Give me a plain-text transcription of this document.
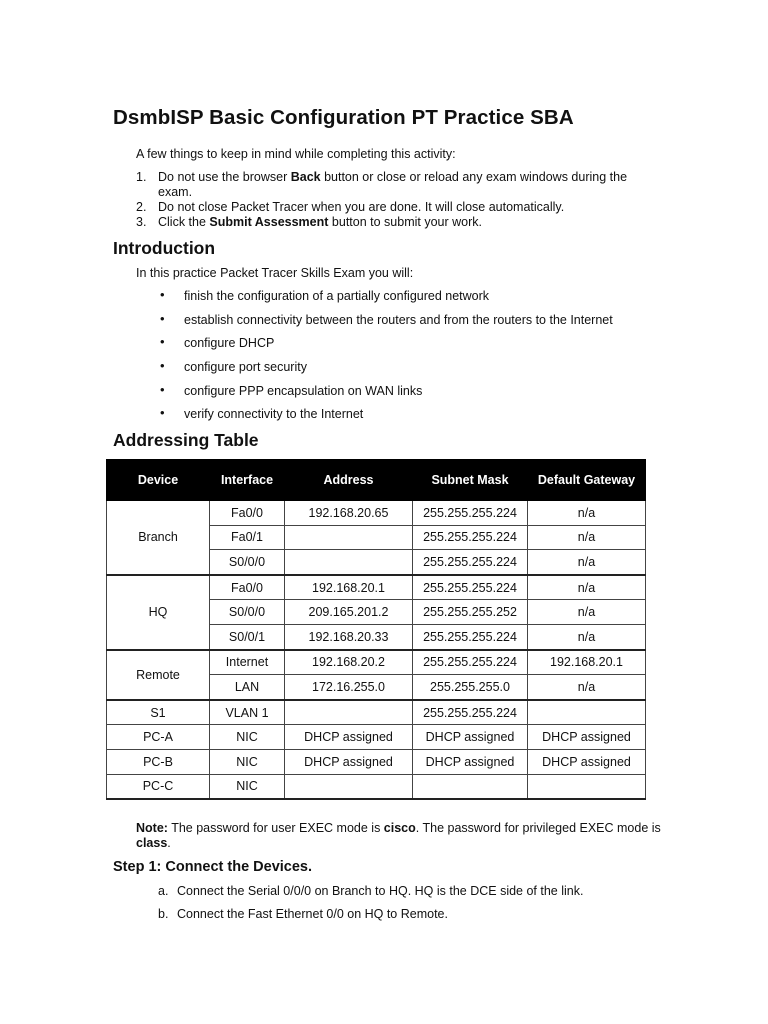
DsmbISP Basic Configuration PT Practice SBA

A few things to keep in mind while completing this activity:

1. Do not use the browser Back button or close or reload any exam windows during the exam.
2. Do not close Packet Tracer when you are done. It will close automatically.
3. Click the Submit Assessment button to submit your work.
Introduction

In this practice Packet Tracer Skills Exam you will:

• finish the configuration of a partially configured network
• establish connectivity between the routers and from the routers to the Internet
• configure DHCP
• configure port security
• configure PPP encapsulation on WAN links
• verify connectivity to the Internet
Addressing Table
Device	Interface	Address	Subnet Mask	Default Gateway
Branch	Fa0/0	192.168.20.65	255.255.255.224	n/a
	Fa0/1		255.255.255.224	n/a
	S0/0/0		255.255.255.224	n/a
HQ	Fa0/0	192.168.20.1	255.255.255.224	n/a
	S0/0/0	209.165.201.2	255.255.255.252	n/a
	S0/0/1	192.168.20.33	255.255.255.224	n/a
Remote	Internet	192.168.20.2	255.255.255.224	192.168.20.1
	LAN	172.16.255.0	255.255.255.0	n/a
S1	VLAN 1		255.255.255.224	
PC-A	NIC	DHCP assigned	DHCP assigned	DHCP assigned
PC-B	NIC	DHCP assigned	DHCP assigned	DHCP assigned
PC-C	NIC			

Note: The password for user EXEC mode is cisco. The password for privileged EXEC mode is class.

Step 1: Connect the Devices.

a. Connect the Serial 0/0/0 on Branch to HQ. HQ is the DCE side of the link.

b. Connect the Fast Ethernet 0/0 on HQ to Remote.
